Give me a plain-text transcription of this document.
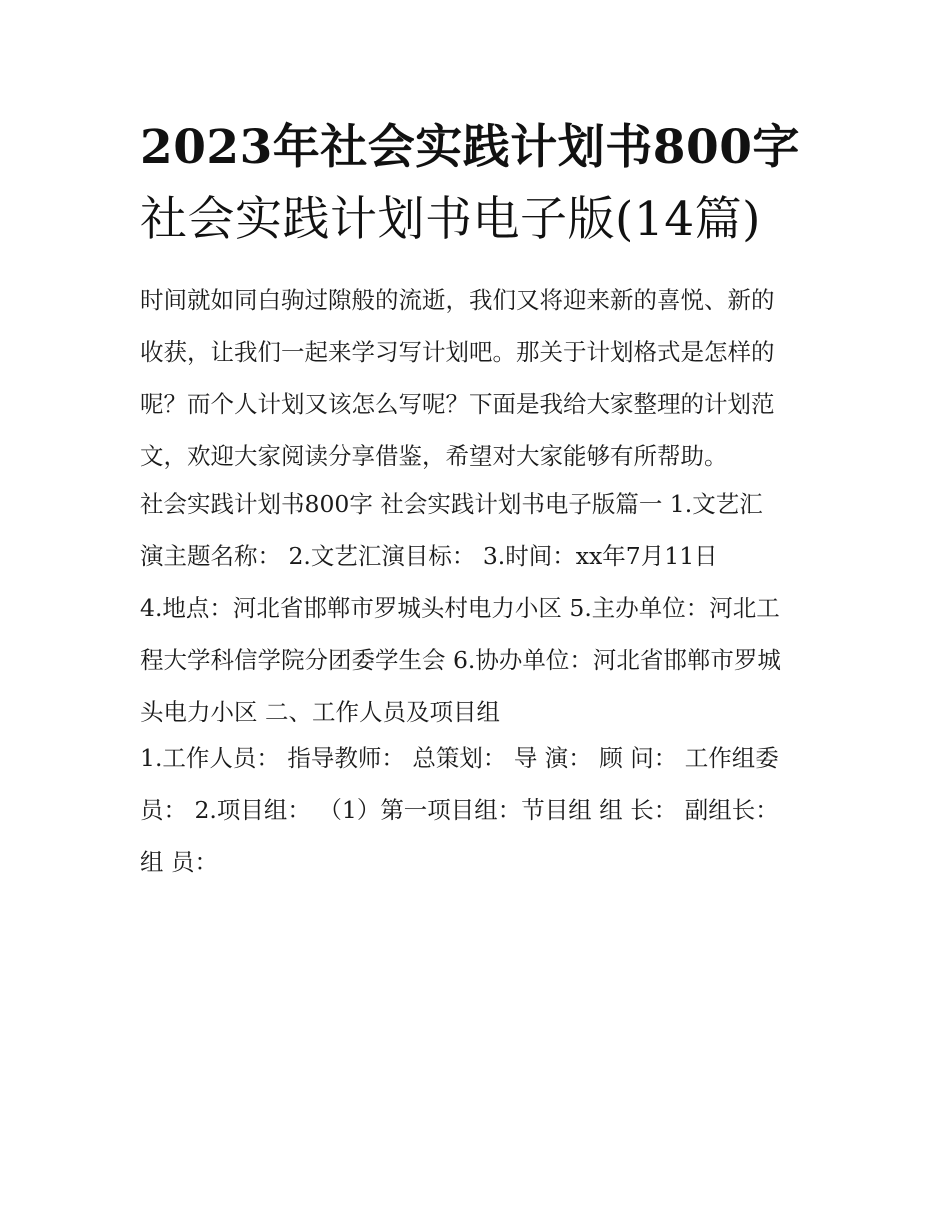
2023年社会实践计划书800字
社会实践计划书电子版(14篇)

时间就如同白驹过隙般的流逝，我们又将迎来新的喜悦、新的
收获，让我们一起来学习写计划吧。那关于计划格式是怎样的
呢？而个人计划又该怎么写呢？下面是我给大家整理的计划范
文，欢迎大家阅读分享借鉴，希望对大家能够有所帮助。

社会实践计划书800字 社会实践计划书电子版篇一 1.文艺汇
演主题名称： 2.文艺汇演目标： 3.时间：xx年7月11日
4.地点：河北省邯郸市罗城头村电力小区 5.主办单位：河北工
程大学科信学院分团委学生会 6.协办单位：河北省邯郸市罗城
头电力小区 二、工作人员及项目组

1.工作人员： 指导教师： 总策划： 导 演： 顾 问： 工作组委
员： 2.项目组： （1）第一项目组：节目组 组 长： 副组长：
组 员：
